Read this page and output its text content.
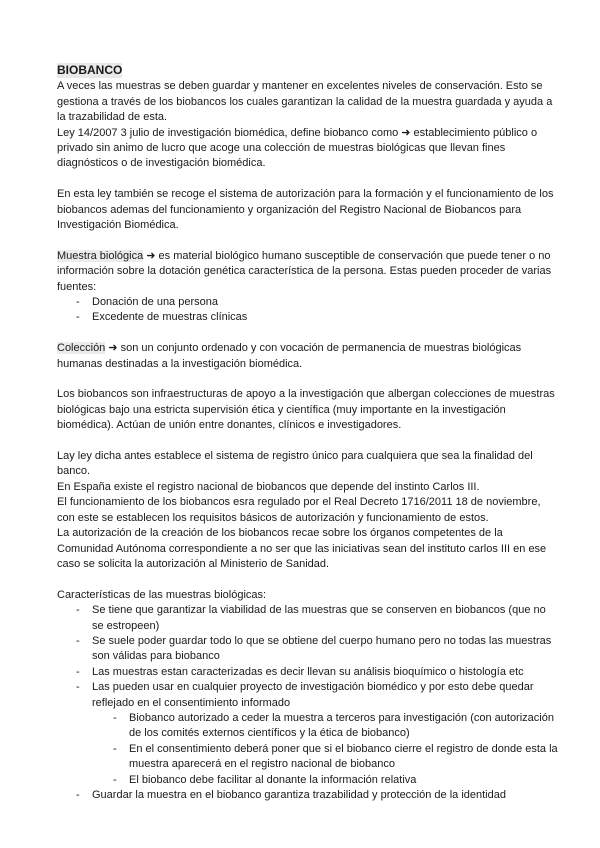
BIOBANCO

A veces las muestras se deben guardar y mantener en excelentes niveles de conservación. Esto se gestiona a través de los biobancos los cuales garantizan la calidad de la muestra guardada y ayuda a la trazabilidad de esta.

Ley 14/2007 3 julio de investigación biomédica, define biobanco como ➜ establecimiento público o privado sin animo de lucro que acoge una colección de muestras biológicas que llevan fines diagnósticos o de investigación biomédica.

En esta ley también se recoge el sistema de autorización para la formación y el funcionamiento de los biobancos ademas del funcionamiento y organización del Registro Nacional de Biobancos para Investigación Biomédica.

Muestra biológica ➜ es material biológico humano susceptible de conservación que puede tener o no información sobre la dotación genética característica de la persona. Estas pueden proceder de varias fuentes:

- Donación de una persona
- Excedente de muestras clínicas

Colección ➜ son un conjunto ordenado y con vocación de permanencia de muestras biológicas humanas destinadas a la investigación biomédica.

Los biobancos son infraestructuras de apoyo a la investigación que albergan colecciones de muestras biológicas bajo una estricta supervisión ética y científica (muy importante en la investigación biomédica). Actúan de unión entre donantes, clínicos e investigadores.

Lay ley dicha antes establece el sistema de registro único para cualquiera que sea la finalidad del banco.

En España existe el registro nacional de biobancos que depende del instinto Carlos III.

El funcionamiento de los biobancos esra regulado por el Real Decreto 1716/2011 18 de noviembre, con este se establecen los requisitos básicos de autorización y funcionamiento de estos.

La autorización de la creación de los biobancos recae sobre los órganos competentes de la Comunidad Autónoma correspondiente a no ser que las iniciativas sean del instituto carlos III en ese caso se solicita la autorización al Ministerio de Sanidad.

Características de las muestras biológicas:

- Se tiene que garantizar la viabilidad de las muestras que se conserven en biobancos (que no se estropeen)
- Se suele poder guardar todo lo que se obtiene del cuerpo humano pero no todas las muestras son válidas para biobanco
- Las muestras estan caracterizadas es decir llevan su análisis bioquímico o histología etc
- Las pueden usar en cualquier proyecto de investigación biomédico y por esto debe quedar reflejado en el consentimiento informado
- Biobanco autorizado a ceder la muestra a terceros para investigación (con autorización de los comités externos científicos y la ética de biobanco)
- En el consentimiento deberá poner que si el biobanco cierre el registro de donde esta la muestra aparecerá en el registro nacional de biobanco
- El biobanco debe facilitar al donante la información relativa
- Guardar la muestra en el biobanco garantiza trazabilidad y protección de la identidad
